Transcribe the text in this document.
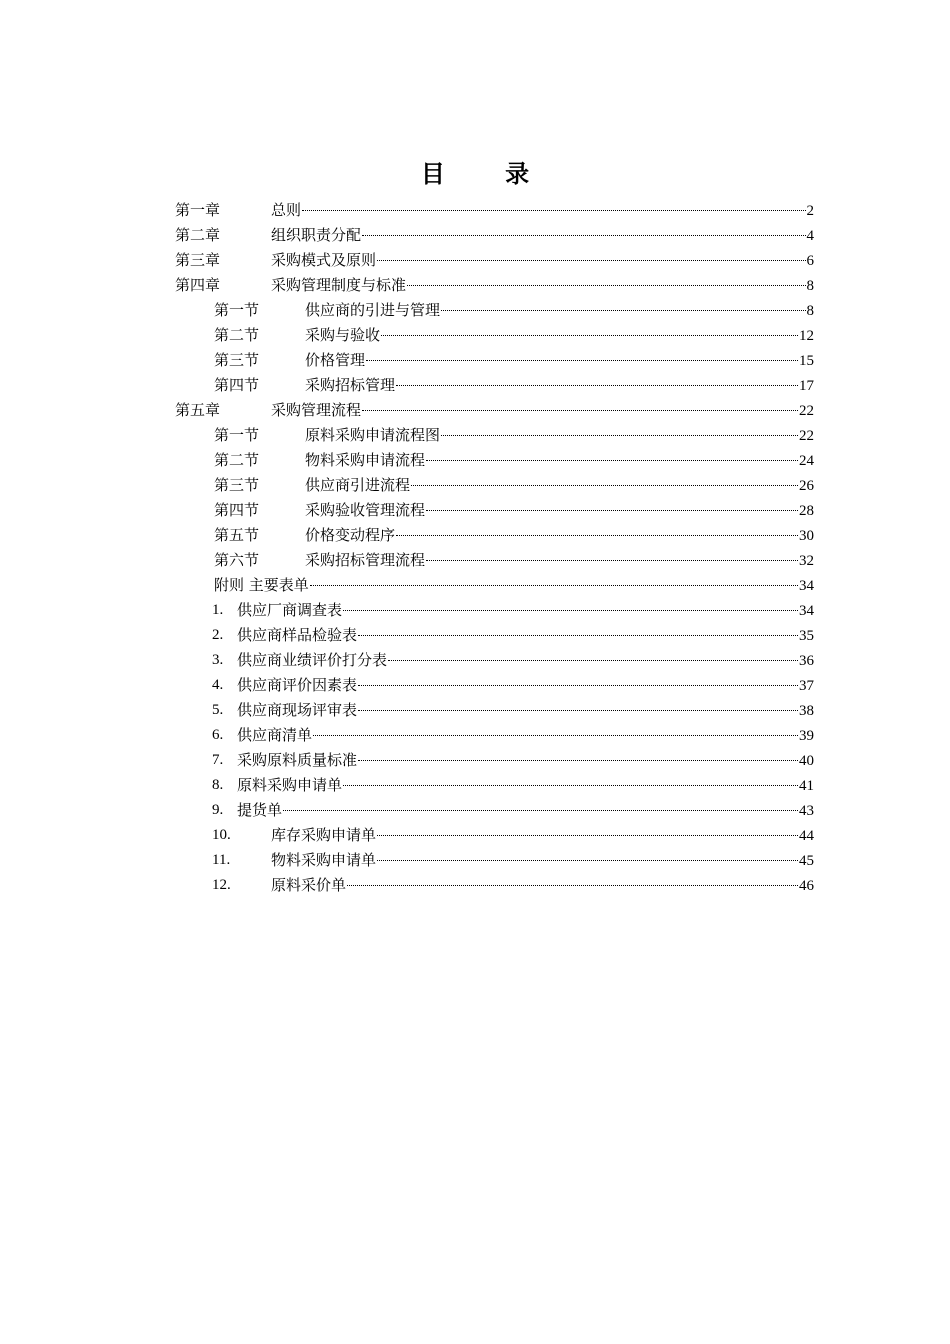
目 录
第一章	总则	2
第二章	组织职责分配	4
第三章	采购模式及原则	6
第四章	采购管理制度与标准	8
第一节	供应商的引进与管理	8
第二节	采购与验收	12
第三节	价格管理	15
第四节	采购招标管理	17
第五章	采购管理流程	22
第一节	原料采购申请流程图	22
第二节	物料采购申请流程	24
第三节	供应商引进流程	26
第四节	采购验收管理流程	28
第五节	价格变动程序	30
第六节	采购招标管理流程	32
附则 主要表单	34
1. 供应厂商调查表	34
2. 供应商样品检验表	35
3. 供应商业绩评价打分表	36
4. 供应商评价因素表	37
5. 供应商现场评审表	38
6. 供应商清单	39
7. 采购原料质量标准	40
8. 原料采购申请单	41
9. 提货单	43
10.	库存采购申请单	44
11.	物料采购申请单	45
12.	原料采价单	46
